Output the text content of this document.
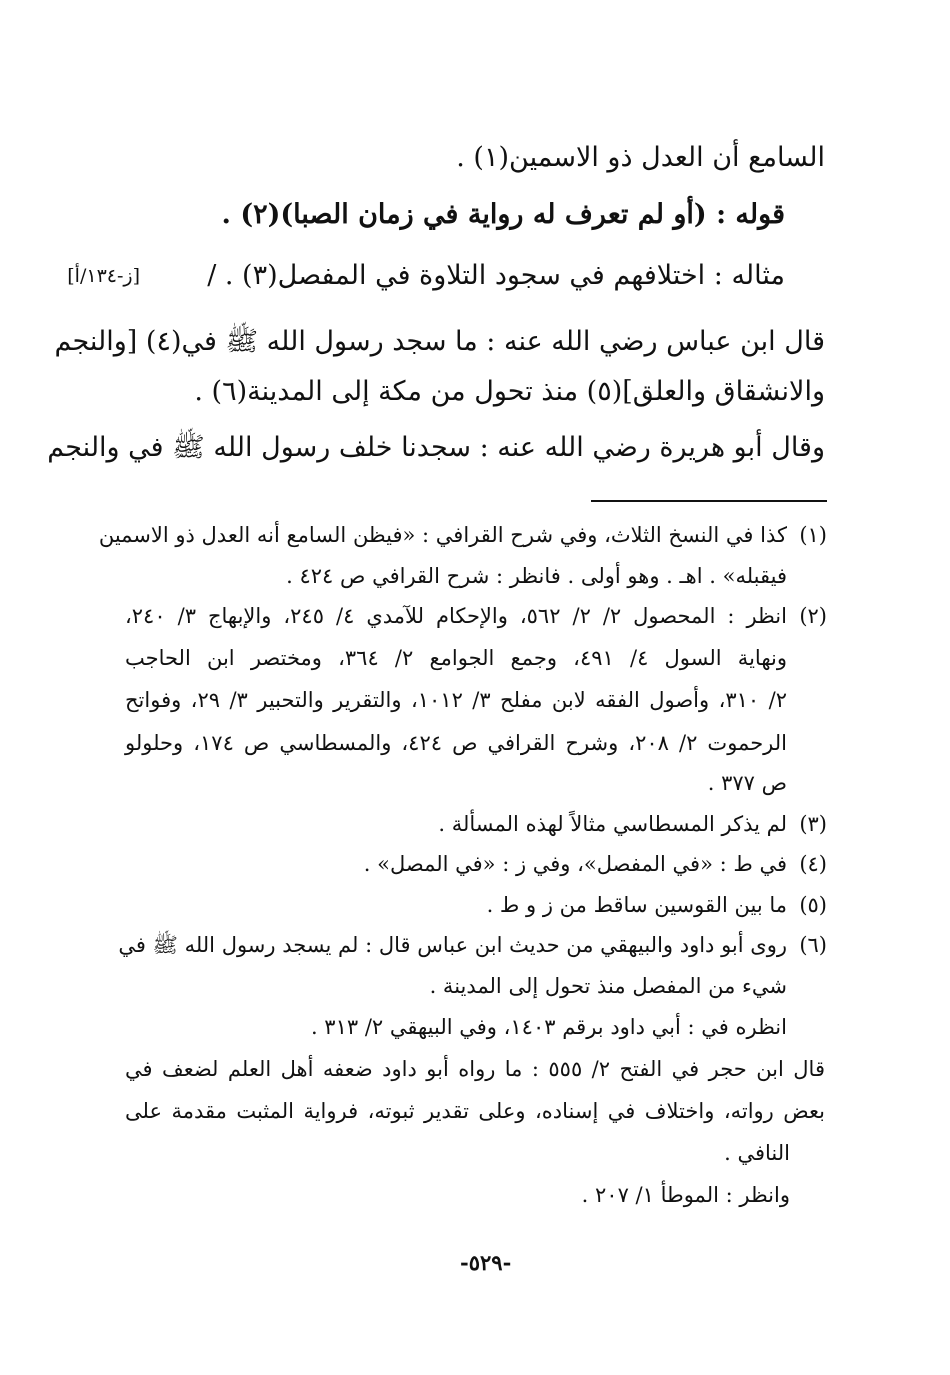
السامع أن العدل ذو الاسمين(١) .
قوله : (أو لم تعرف له رواية في زمان الصبا)(٢) .
مثاله : اختلافهم في سجود التلاوة في المفصل(٣) . /
[ز-١٣٤/أ]
قال ابن عباس رضي الله عنه : ما سجد رسول الله ﷺ في(٤) [والنجم
والانشقاق والعلق](٥) منذ تحول من مكة إلى المدينة(٦) .
وقال أبو هريرة رضي الله عنه : سجدنا خلف رسول الله ﷺ في والنجم
(١)
(٢)
(٣)
(٤)
(٥)
(٦)
كذا في النسخ الثلاث، وفي شرح القرافي : «فيظن السامع أنه العدل ذو الاسمين
فيقبله» . اهـ . وهو أولى . فانظر : شرح القرافي ص ٤٢٤ .
انظر : المحصول ٢/ ٢/ ٥٦٢، والإحكام للآمدي ٤/ ٢٤٥، والإبهاج ٣/ ٢٤٠،
ونهاية السول ٤/ ٤٩١، وجمع الجوامع ٢/ ٣٦٤، ومختصر ابن الحاجب
٢/ ٣١٠، وأصول الفقه لابن مفلح ٣/ ١٠١٢، والتقرير والتحبير ٣/ ٢٩، وفواتح
الرحموت ٢/ ٢٠٨، وشرح القرافي ص ٤٢٤، والمسطاسي ص ١٧٤، وحلولو
ص ٣٧٧ .
لم يذكر المسطاسي مثالاً لهذه المسألة .
في ط : «في المفصل»، وفي ز : «في المصل» .
ما بين القوسين ساقط من ز و ط .
روى أبو داود والبيهقي من حديث ابن عباس قال : لم يسجد رسول الله ﷺ في
شيء من المفصل منذ تحول إلى المدينة .
انظره في : أبي داود برقم ١٤٠٣، وفي البيهقي ٢/ ٣١٣ .
قال ابن حجر في الفتح ٢/ ٥٥٥ : ما رواه أبو داود ضعفه أهل العلم لضعف في
بعض رواته، واختلاف في إسناده، وعلى تقدير ثبوته، فرواية المثبت مقدمة على
النافي .
وانظر : الموطأ ١/ ٢٠٧ .
-٥٢٩-
